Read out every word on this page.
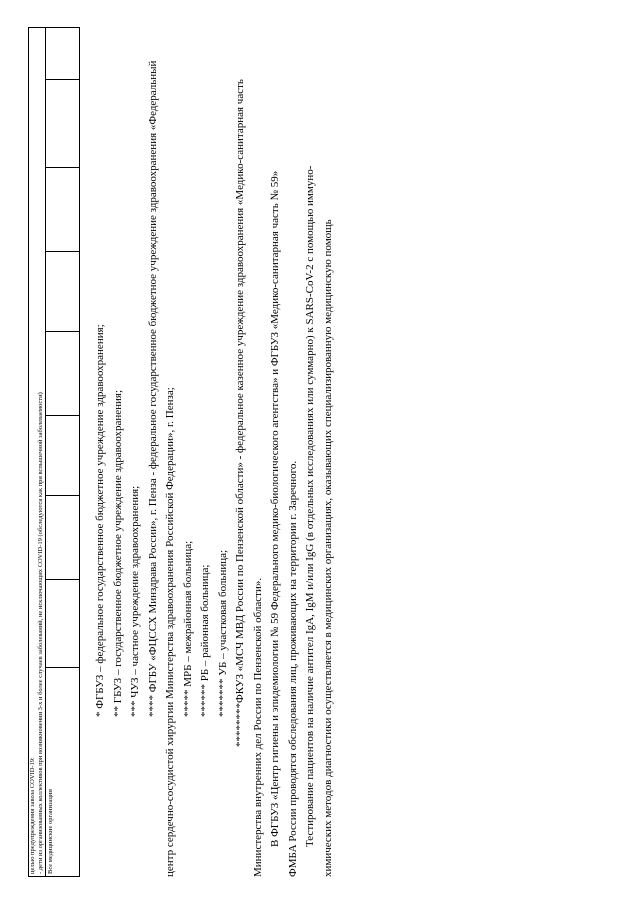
целью предупреждения завоза COVID-19: - дети из организованных коллективов при возникновении 3-х и более случаев заболеваний, не исключающих COVID-19 (обследуются как при вспышечной заболеваемости) Все медицинские организации

* ФГБУЗ – федеральное государственное бюджетное учреждение здравоохранения; ** ГБУЗ – государственное бюджетное учреждение здравоохранения; *** ЧУЗ – частное учреждение здравоохранения; **** ФГБУ «ФЦССХ Минздрава России», г. Пенза - федеральное государственное бюджетное учреждение здравоохранения «Федеральный центр сердечно-сосудистой хирургии Министерства здравоохранения Российской Федерации», г. Пенза; ***** МРБ – межрайонная больница; ****** РБ – районная больница; ******* УБ – участковая больница; ********ФКУЗ «МСЧ МВД России по Пензенской области» - федеральное казенное учреждение здравоохранения «Медико-санитарная часть Министерства внутренних дел России по Пензенской области». В ФГБУЗ «Центр гигиены и эпидемиологии № 59 Федерального медико-биологического агентства» и ФГБУЗ «Медико-санитарная часть № 59» ФМБА России проводятся обследования лиц, проживающих на территории г. Заречного. Тестирование пациентов на наличие антител IgA, IgM и/или IgG (в отдельных исследованиях или суммарно) к SARS-CoV-2 с помощью иммуно- химических методов диагностики осуществляется в медицинских организациях, оказывающих специализированную медицинскую помощь
